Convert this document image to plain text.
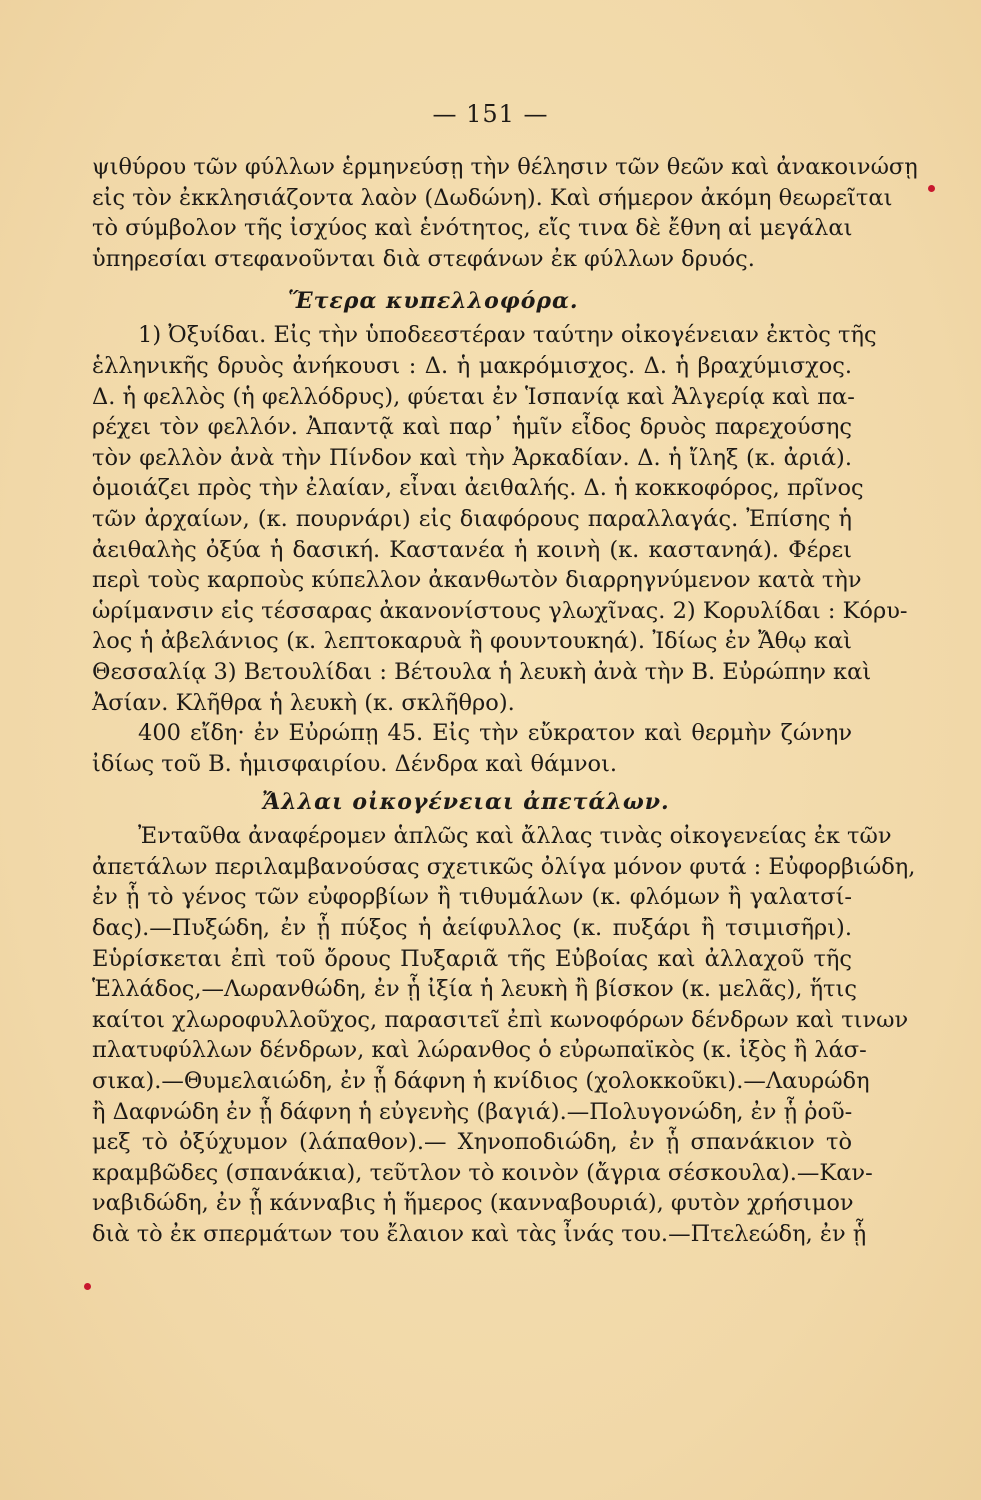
— 151 —
ψιθύρου τῶν φύλλων ἑρμηνεύσῃ τὴν θέλησιν τῶν θεῶν καὶ ἀνακοινώσῃ
εἰς τὸν ἐκκλησιάζοντα λαὸν (Δωδώνη). Καὶ σήμερον ἀκόμη θεωρεῖται
τὸ σύμβολον τῆς ἰσχύος καὶ ἑνότητος, εἴς τινα δὲ ἔθνη αἱ μεγάλαι
ὑπηρεσίαι στεφανοῦνται διὰ στεφάνων ἐκ φύλλων δρυός.
Ἕτερα κυπελλοφόρα.
1) Ὀξυίδαι. Εἰς τὴν ὑποδεεστέραν ταύτην οἰκογένειαν ἐκτὸς τῆς
ἑλληνικῆς δρυὸς ἀνήκουσι : Δ. ἡ μακρόμισχος. Δ. ἡ βραχύμισχος.
Δ. ἡ φελλὸς (ἡ φελλόδρυς), φύεται ἐν Ἱσπανίᾳ καὶ Ἀλγερίᾳ καὶ πα-
ρέχει τὸν φελλόν. Ἀπαντᾷ καὶ παρ᾽ ἡμῖν εἶδος δρυὸς παρεχούσης
τὸν φελλὸν ἀνὰ τὴν Πίνδον καὶ τὴν Ἀρκαδίαν. Δ. ἡ ἴληξ (κ. ἀριά).
ὁμοιάζει πρὸς τὴν ἐλαίαν, εἶναι ἀειθαλής. Δ. ἡ κοκκοφόρος, πρῖνος
τῶν ἀρχαίων, (κ. πουρνάρι) εἰς διαφόρους παραλλαγάς. Ἐπίσης ἡ
ἀειθαλὴς ὀξύα ἡ δασική. Καστανέα ἡ κοινὴ (κ. καστανηά). Φέρει
περὶ τοὺς καρποὺς κύπελλον ἀκανθωτὸν διαρρηγνύμενον κατὰ τὴν
ὡρίμανσιν εἰς τέσσαρας ἀκανονίστους γλωχῖνας. 2) Κορυλίδαι : Κόρυ-
λος ἡ ἀβελάνιος (κ. λεπτοκαρυὰ ἢ φουντουκηά). Ἰδίως ἐν Ἄθῳ καὶ
Θεσσαλίᾳ 3) Βετουλίδαι : Βέτουλα ἡ λευκὴ ἀνὰ τὴν Β. Εὐρώπην καὶ
Ἀσίαν. Κλῆθρα ἡ λευκὴ (κ. σκλῆθρο).
400 εἴδη· ἐν Εὐρώπῃ 45. Εἰς τὴν εὔκρατον καὶ θερμὴν ζώνην
ἰδίως τοῦ Β. ἡμισφαιρίου. Δένδρα καὶ θάμνοι.
Ἄλλαι οἰκογένειαι ἀπετάλων.
Ἐνταῦθα ἀναφέρομεν ἁπλῶς καὶ ἄλλας τινὰς οἰκογενείας ἐκ τῶν
ἀπετάλων περιλαμβανούσας σχετικῶς ὀλίγα μόνον φυτά : Εὐφορβιώδη,
ἐν ᾗ τὸ γένος τῶν εὐφορβίων ἢ τιθυμάλων (κ. φλόμων ἢ γαλατσί-
δας).—Πυξώδη, ἐν ᾗ πύξος ἡ ἀείφυλλος (κ. πυξάρι ἢ τσιμισῆρι).
Εὑρίσκεται ἐπὶ τοῦ ὄρους Πυξαριᾶ τῆς Εὐβοίας καὶ ἀλλαχοῦ τῆς
Ἑλλάδος,—Λωρανθώδη, ἐν ᾗ ἰξία ἡ λευκὴ ἢ βίσκον (κ. μελᾶς), ἥτις
καίτοι χλωροφυλλοῦχος, παρασιτεῖ ἐπὶ κωνοφόρων δένδρων καὶ τινων
πλατυφύλλων δένδρων, καὶ λώρανθος ὁ εὐρωπαϊκὸς (κ. ἰξὸς ἢ λάσ-
σικα).—Θυμελαιώδη, ἐν ᾗ δάφνη ἡ κνίδιος (χολοκκοῦκι).—Λαυρώδη
ἢ Δαφνώδη ἐν ᾗ δάφνη ἡ εὐγενὴς (βαγιά).—Πολυγονώδη, ἐν ᾗ ῥοῦ-
μεξ τὸ ὀξύχυμον (λάπαθον).— Χηνοποδιώδη, ἐν ᾗ σπανάκιον τὸ
κραμβῶδες (σπανάκια), τεῦτλον τὸ κοινὸν (ἄγρια σέσκουλα).—Καν-
ναβιδώδη, ἐν ᾗ κάνναβις ἡ ἥμερος (κανναβουριά), φυτὸν χρήσιμον
διὰ τὸ ἐκ σπερμάτων του ἔλαιον καὶ τὰς ἶνάς του.—Πτελεώδη, ἐν ᾗ
